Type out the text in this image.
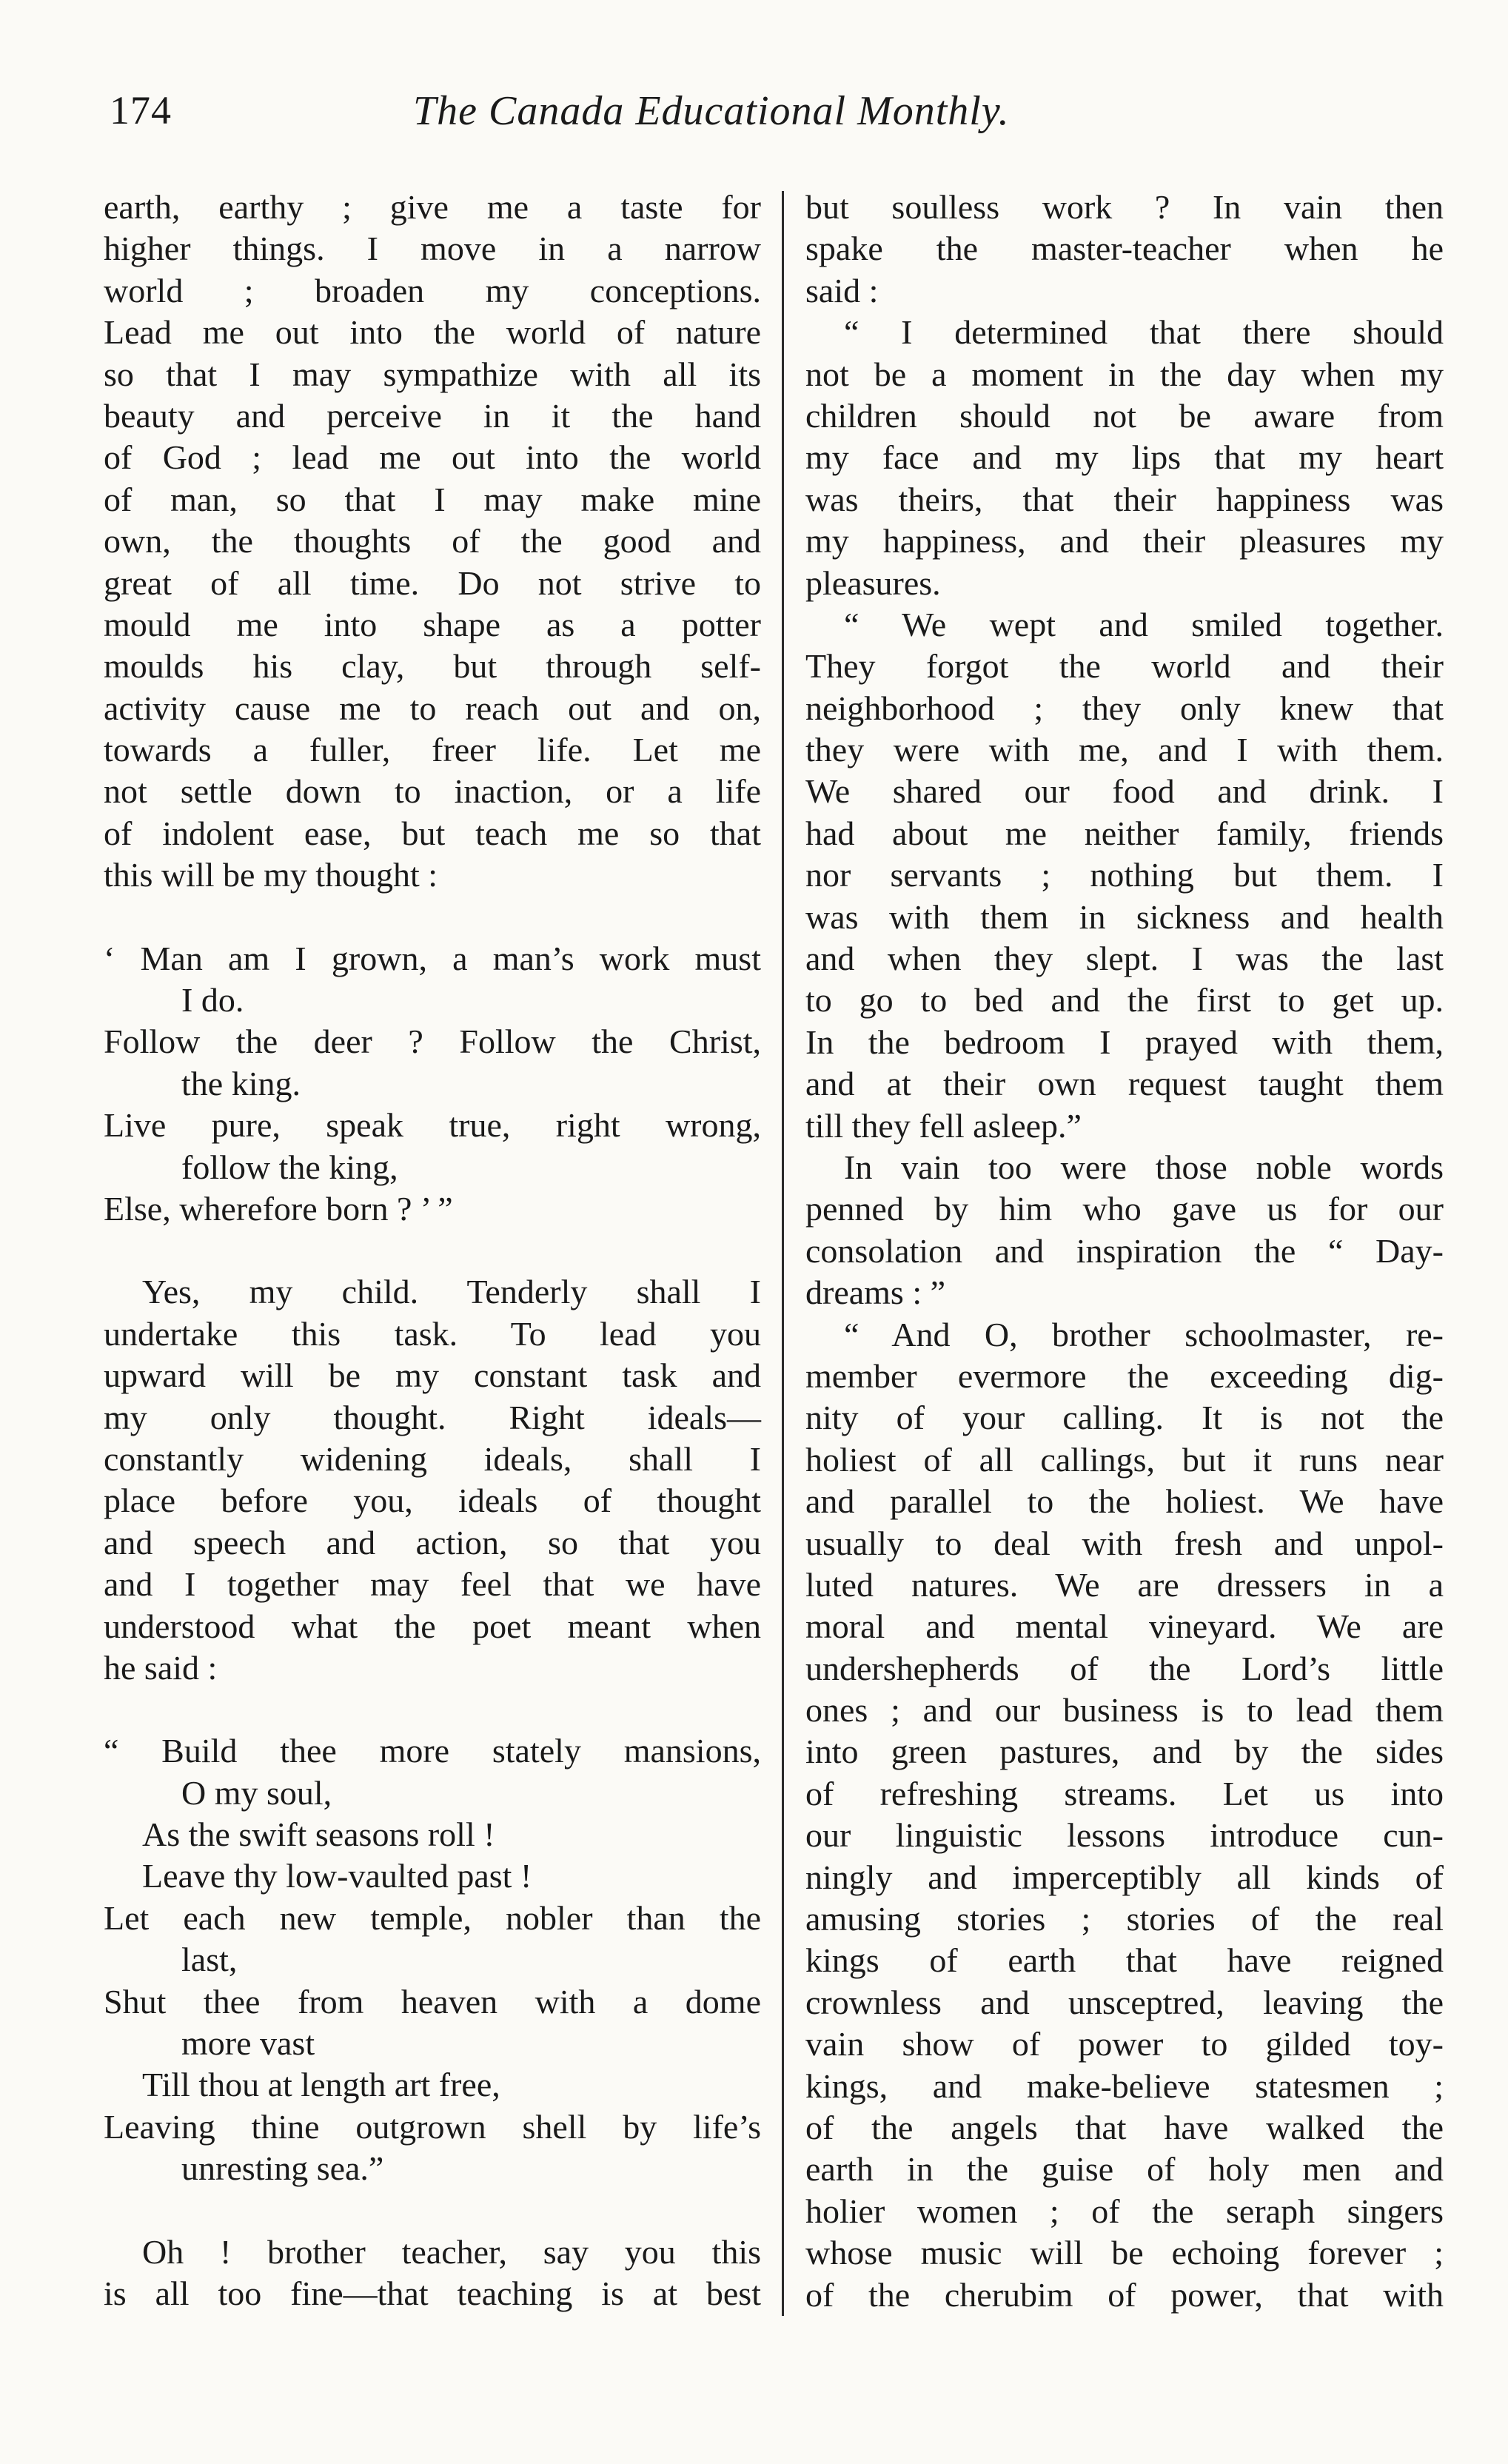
174	The Canada Educational Monthly.
earth, earthy ; give me a taste for
higher things. I move in a narrow
world ; broaden my conceptions.
Lead me out into the world of nature
so that I may sympathize with all its
beauty and perceive in it the hand
of God ; lead me out into the world
of man, so that I may make mine
own, the thoughts of the good and
great of all time. Do not strive to
mould me into shape as a potter
moulds his clay, but through self-
activity cause me to reach out and on,
towards a fuller, freer life. Let me
not settle down to inaction, or a life
of indolent ease, but teach me so that
this will be my thought :
‘ Man am I grown, a man’s work must
I do.
Follow the deer ? Follow the Christ,
the king.
Live pure, speak true, right wrong,
follow the king,
Else, wherefore born ? ’ ”
Yes, my child. Tenderly shall I
undertake this task. To lead you
upward will be my constant task and
my only thought. Right ideals—
constantly widening ideals, shall I
place before you, ideals of thought
and speech and action, so that you
and I together may feel that we have
understood what the poet meant when
he said :
“ Build thee more stately mansions,
O my soul,
As the swift seasons roll !
Leave thy low-vaulted past !
Let each new temple, nobler than the
last,
Shut thee from heaven with a dome
more vast
Till thou at length art free,
Leaving thine outgrown shell by life’s
unresting sea.”
Oh ! brother teacher, say you this
is all too fine—that teaching is at best
but soulless work ? In vain then
spake the master-teacher when he
said :
“ I determined that there should
not be a moment in the day when my
children should not be aware from
my face and my lips that my heart
was theirs, that their happiness was
my happiness, and their pleasures my
pleasures.
“ We wept and smiled together.
They forgot the world and their
neighborhood ; they only knew that
they were with me, and I with them.
We shared our food and drink. I
had about me neither family, friends
nor servants ; nothing but them. I
was with them in sickness and health
and when they slept. I was the last
to go to bed and the first to get up.
In the bedroom I prayed with them,
and at their own request taught them
till they fell asleep.”
In vain too were those noble words
penned by him who gave us for our
consolation and inspiration the “ Day-
dreams : ”
“ And O, brother schoolmaster, re-
member evermore the exceeding dig-
nity of your calling. It is not the
holiest of all callings, but it runs near
and parallel to the holiest. We have
usually to deal with fresh and unpol-
luted natures. We are dressers in a
moral and mental vineyard. We are
undershepherds of the Lord’s little
ones ; and our business is to lead them
into green pastures, and by the sides
of refreshing streams. Let us into
our linguistic lessons introduce cun-
ningly and imperceptibly all kinds of
amusing stories ; stories of the real
kings of earth that have reigned
crownless and unsceptred, leaving the
vain show of power to gilded toy-
kings, and make-believe statesmen ;
of the angels that have walked the
earth in the guise of holy men and
holier women ; of the seraph singers
whose music will be echoing forever ;
of the cherubim of power, that with
